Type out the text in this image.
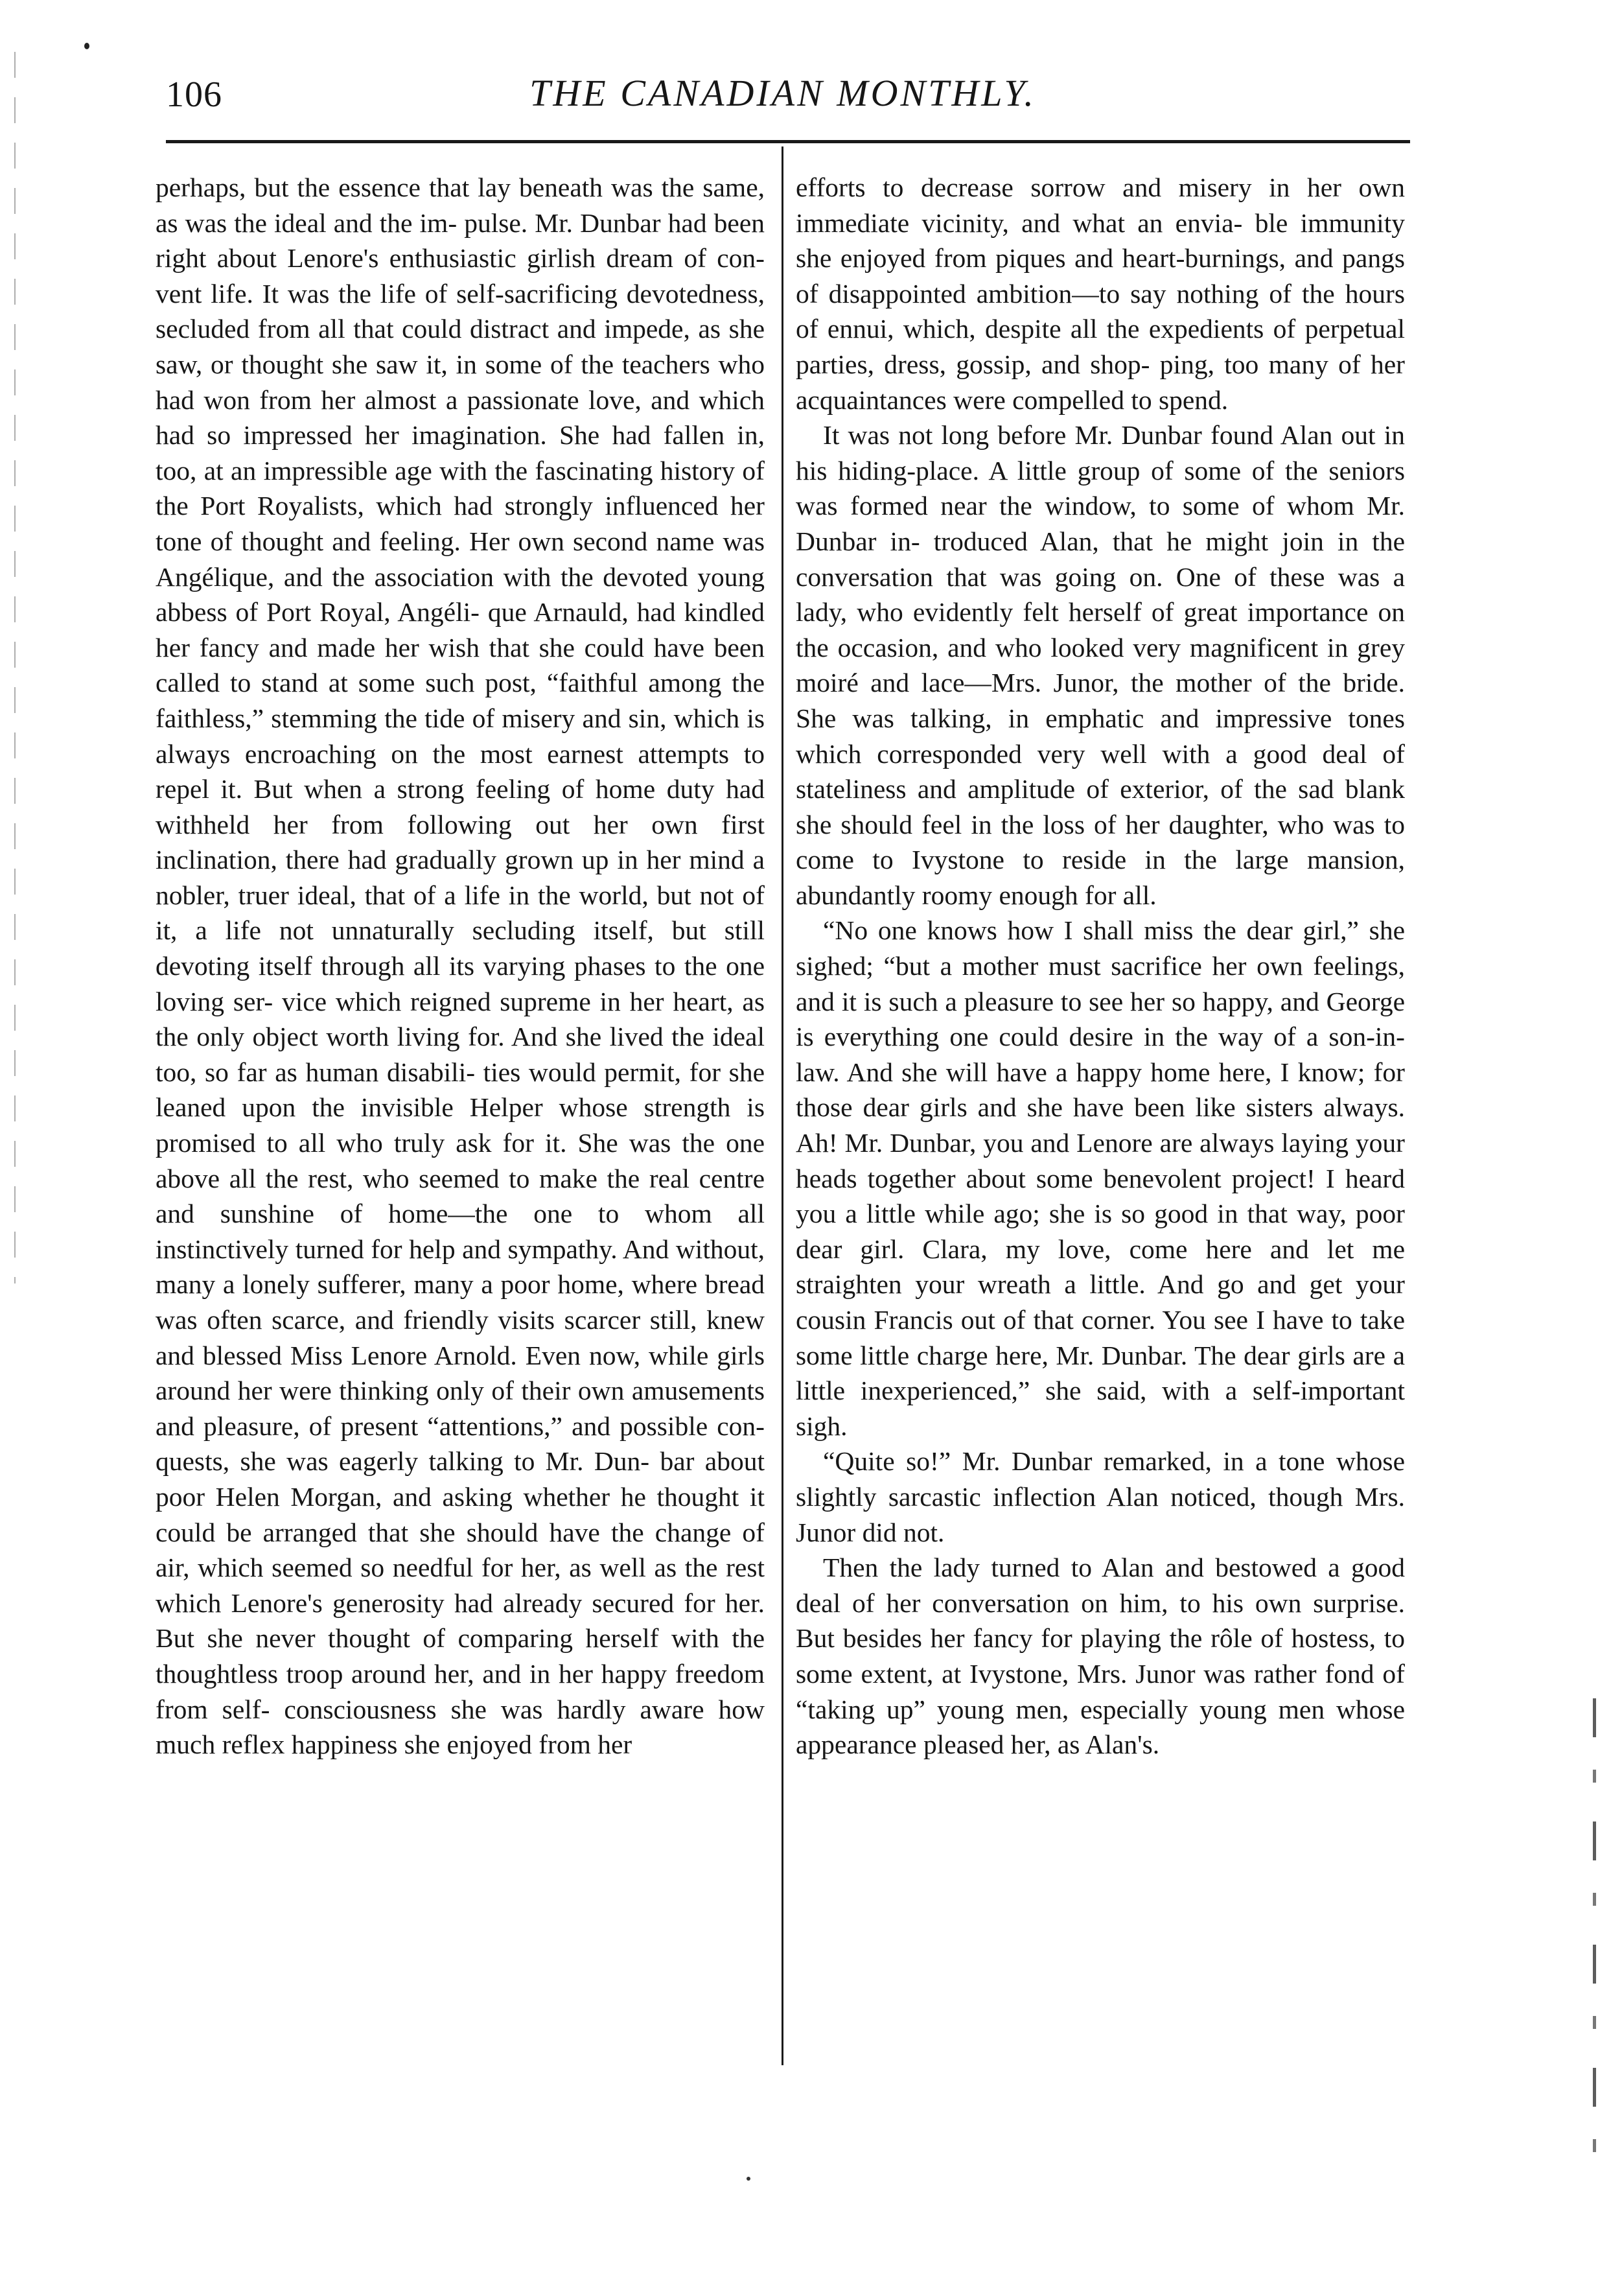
106	THE CANADIAN MONTHLY.

perhaps, but the essence that lay beneath was the same, as was the ideal and the im- pulse. Mr. Dunbar had been right about Lenore's enthusiastic girlish dream of con- vent life. It was the life of self-sacrificing devotedness, secluded from all that could distract and impede, as she saw, or thought she saw it, in some of the teachers who had won from her almost a passionate love, and which had so impressed her imagination. She had fallen in, too, at an impressible age with the fascinating history of the Port Royalists, which had strongly influenced her tone of thought and feeling. Her own second name was Angélique, and the association with the devoted young abbess of Port Royal, Angéli- que Arnauld, had kindled her fancy and made her wish that she could have been called to stand at some such post, “faithful among the faithless,” stemming the tide of misery and sin, which is always encroaching on the most earnest attempts to repel it. But when a strong feeling of home duty had withheld her from following out her own first inclination, there had gradually grown up in her mind a nobler, truer ideal, that of a life in the world, but not of it, a life not unnaturally secluding itself, but still devoting itself through all its varying phases to the one loving ser- vice which reigned supreme in her heart, as the only object worth living for. And she lived the ideal too, so far as human disabili- ties would permit, for she leaned upon the invisible Helper whose strength is promised to all who truly ask for it. She was the one above all the rest, who seemed to make the real centre and sunshine of home—the one to whom all instinctively turned for help and sympathy. And without, many a lonely sufferer, many a poor home, where bread was often scarce, and friendly visits scarcer still, knew and blessed Miss Lenore Arnold. Even now, while girls around her were thinking only of their own amusements and pleasure, of present “attentions,” and possible con- quests, she was eagerly talking to Mr. Dun- bar about poor Helen Morgan, and asking whether he thought it could be arranged that she should have the change of air, which seemed so needful for her, as well as the rest which Lenore's generosity had already secured for her. But she never thought of comparing herself with the thoughtless troop around her, and in her happy freedom from self- consciousness she was hardly aware how much reflex happiness she enjoyed from her

efforts to decrease sorrow and misery in her own immediate vicinity, and what an envia- ble immunity she enjoyed from piques and heart-burnings, and pangs of disappointed ambition—to say nothing of the hours of ennui, which, despite all the expedients of perpetual parties, dress, gossip, and shop- ping, too many of her acquaintances were compelled to spend.

It was not long before Mr. Dunbar found Alan out in his hiding-place. A little group of some of the seniors was formed near the window, to some of whom Mr. Dunbar in- troduced Alan, that he might join in the conversation that was going on. One of these was a lady, who evidently felt herself of great importance on the occasion, and who looked very magnificent in grey moiré and lace—Mrs. Junor, the mother of the bride. She was talking, in emphatic and impressive tones which corresponded very well with a good deal of stateliness and amplitude of exterior, of the sad blank she should feel in the loss of her daughter, who was to come to Ivystone to reside in the large mansion, abundantly roomy enough for all.

“No one knows how I shall miss the dear girl,” she sighed; “but a mother must sacrifice her own feelings, and it is such a pleasure to see her so happy, and George is everything one could desire in the way of a son-in-law. And she will have a happy home here, I know; for those dear girls and she have been like sisters always. Ah! Mr. Dunbar, you and Lenore are always laying your heads together about some benevolent project! I heard you a little while ago; she is so good in that way, poor dear girl. Clara, my love, come here and let me straighten your wreath a little. And go and get your cousin Francis out of that corner. You see I have to take some little charge here, Mr. Dunbar. The dear girls are a little inexperienced,” she said, with a self-important sigh.

“Quite so!” Mr. Dunbar remarked, in a tone whose slightly sarcastic inflection Alan noticed, though Mrs. Junor did not.

Then the lady turned to Alan and bestowed a good deal of her conversation on him, to his own surprise. But besides her fancy for playing the rôle of hostess, to some extent, at Ivystone, Mrs. Junor was rather fond of “taking up” young men, especially young men whose appearance pleased her, as Alan's.
